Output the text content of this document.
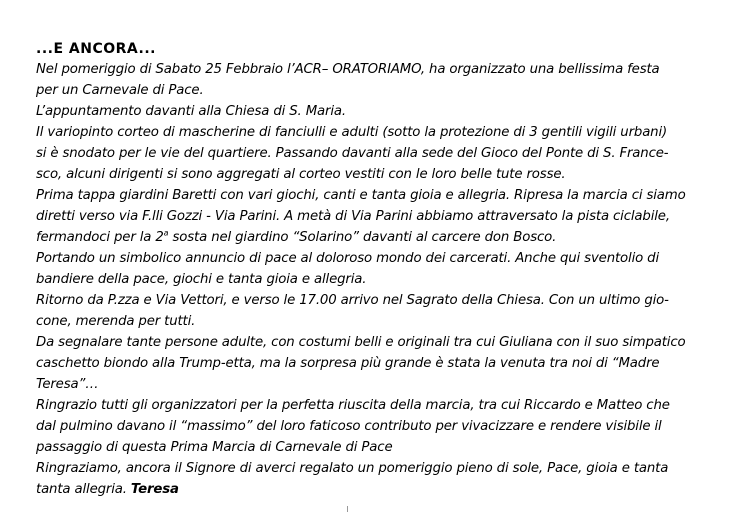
...E ANCORA...

Nel pomeriggio di Sabato 25 Febbraio l’ACR– ORATORIAMO, ha organizzato una bellissima festa

per un Carnevale di Pace.

L’appuntamento davanti alla Chiesa di S. Maria.

Il variopinto corteo di mascherine di fanciulli e adulti (sotto la protezione di 3 gentili vigili urbani)

si è snodato per le vie del quartiere. Passando davanti alla sede del Gioco del Ponte di S. France-

sco, alcuni dirigenti si sono aggregati al corteo vestiti con le loro belle tute rosse.

Prima tappa giardini Baretti con vari giochi, canti e tanta gioia e allegria. Ripresa la marcia ci siamo

diretti verso via F.lli Gozzi - Via Parini. A metà di Via Parini abbiamo attraversato la pista ciclabile,

fermandoci per la 2$^a$ sosta nel giardino “Solarino” davanti al carcere don Bosco.

Portando un simbolico annuncio di pace al doloroso mondo dei carcerati. Anche qui sventolio di

bandiere della pace, giochi e tanta gioia e allegria.

Ritorno da P.zza e Via Vettori, e verso le 17.00 arrivo nel Sagrato della Chiesa. Con un ultimo gio-

cone, merenda per tutti.

Da segnalare tante persone adulte, con costumi belli e originali tra cui Giuliana con il suo simpatico

caschetto biondo alla Trump-etta, ma la sorpresa più grande è stata la venuta tra noi di “Madre

Teresa”…

Ringrazio tutti gli organizzatori per la perfetta riuscita della marcia, tra cui Riccardo e Matteo che

dal pulmino davano il “massimo” del loro faticoso contributo per vivacizzare e rendere visibile il

passaggio di questa Prima Marcia di Carnevale di Pace

Ringraziamo, ancora il Signore di averci regalato un pomeriggio pieno di sole, Pace, gioia e tanta

tanta allegria. Teresa
